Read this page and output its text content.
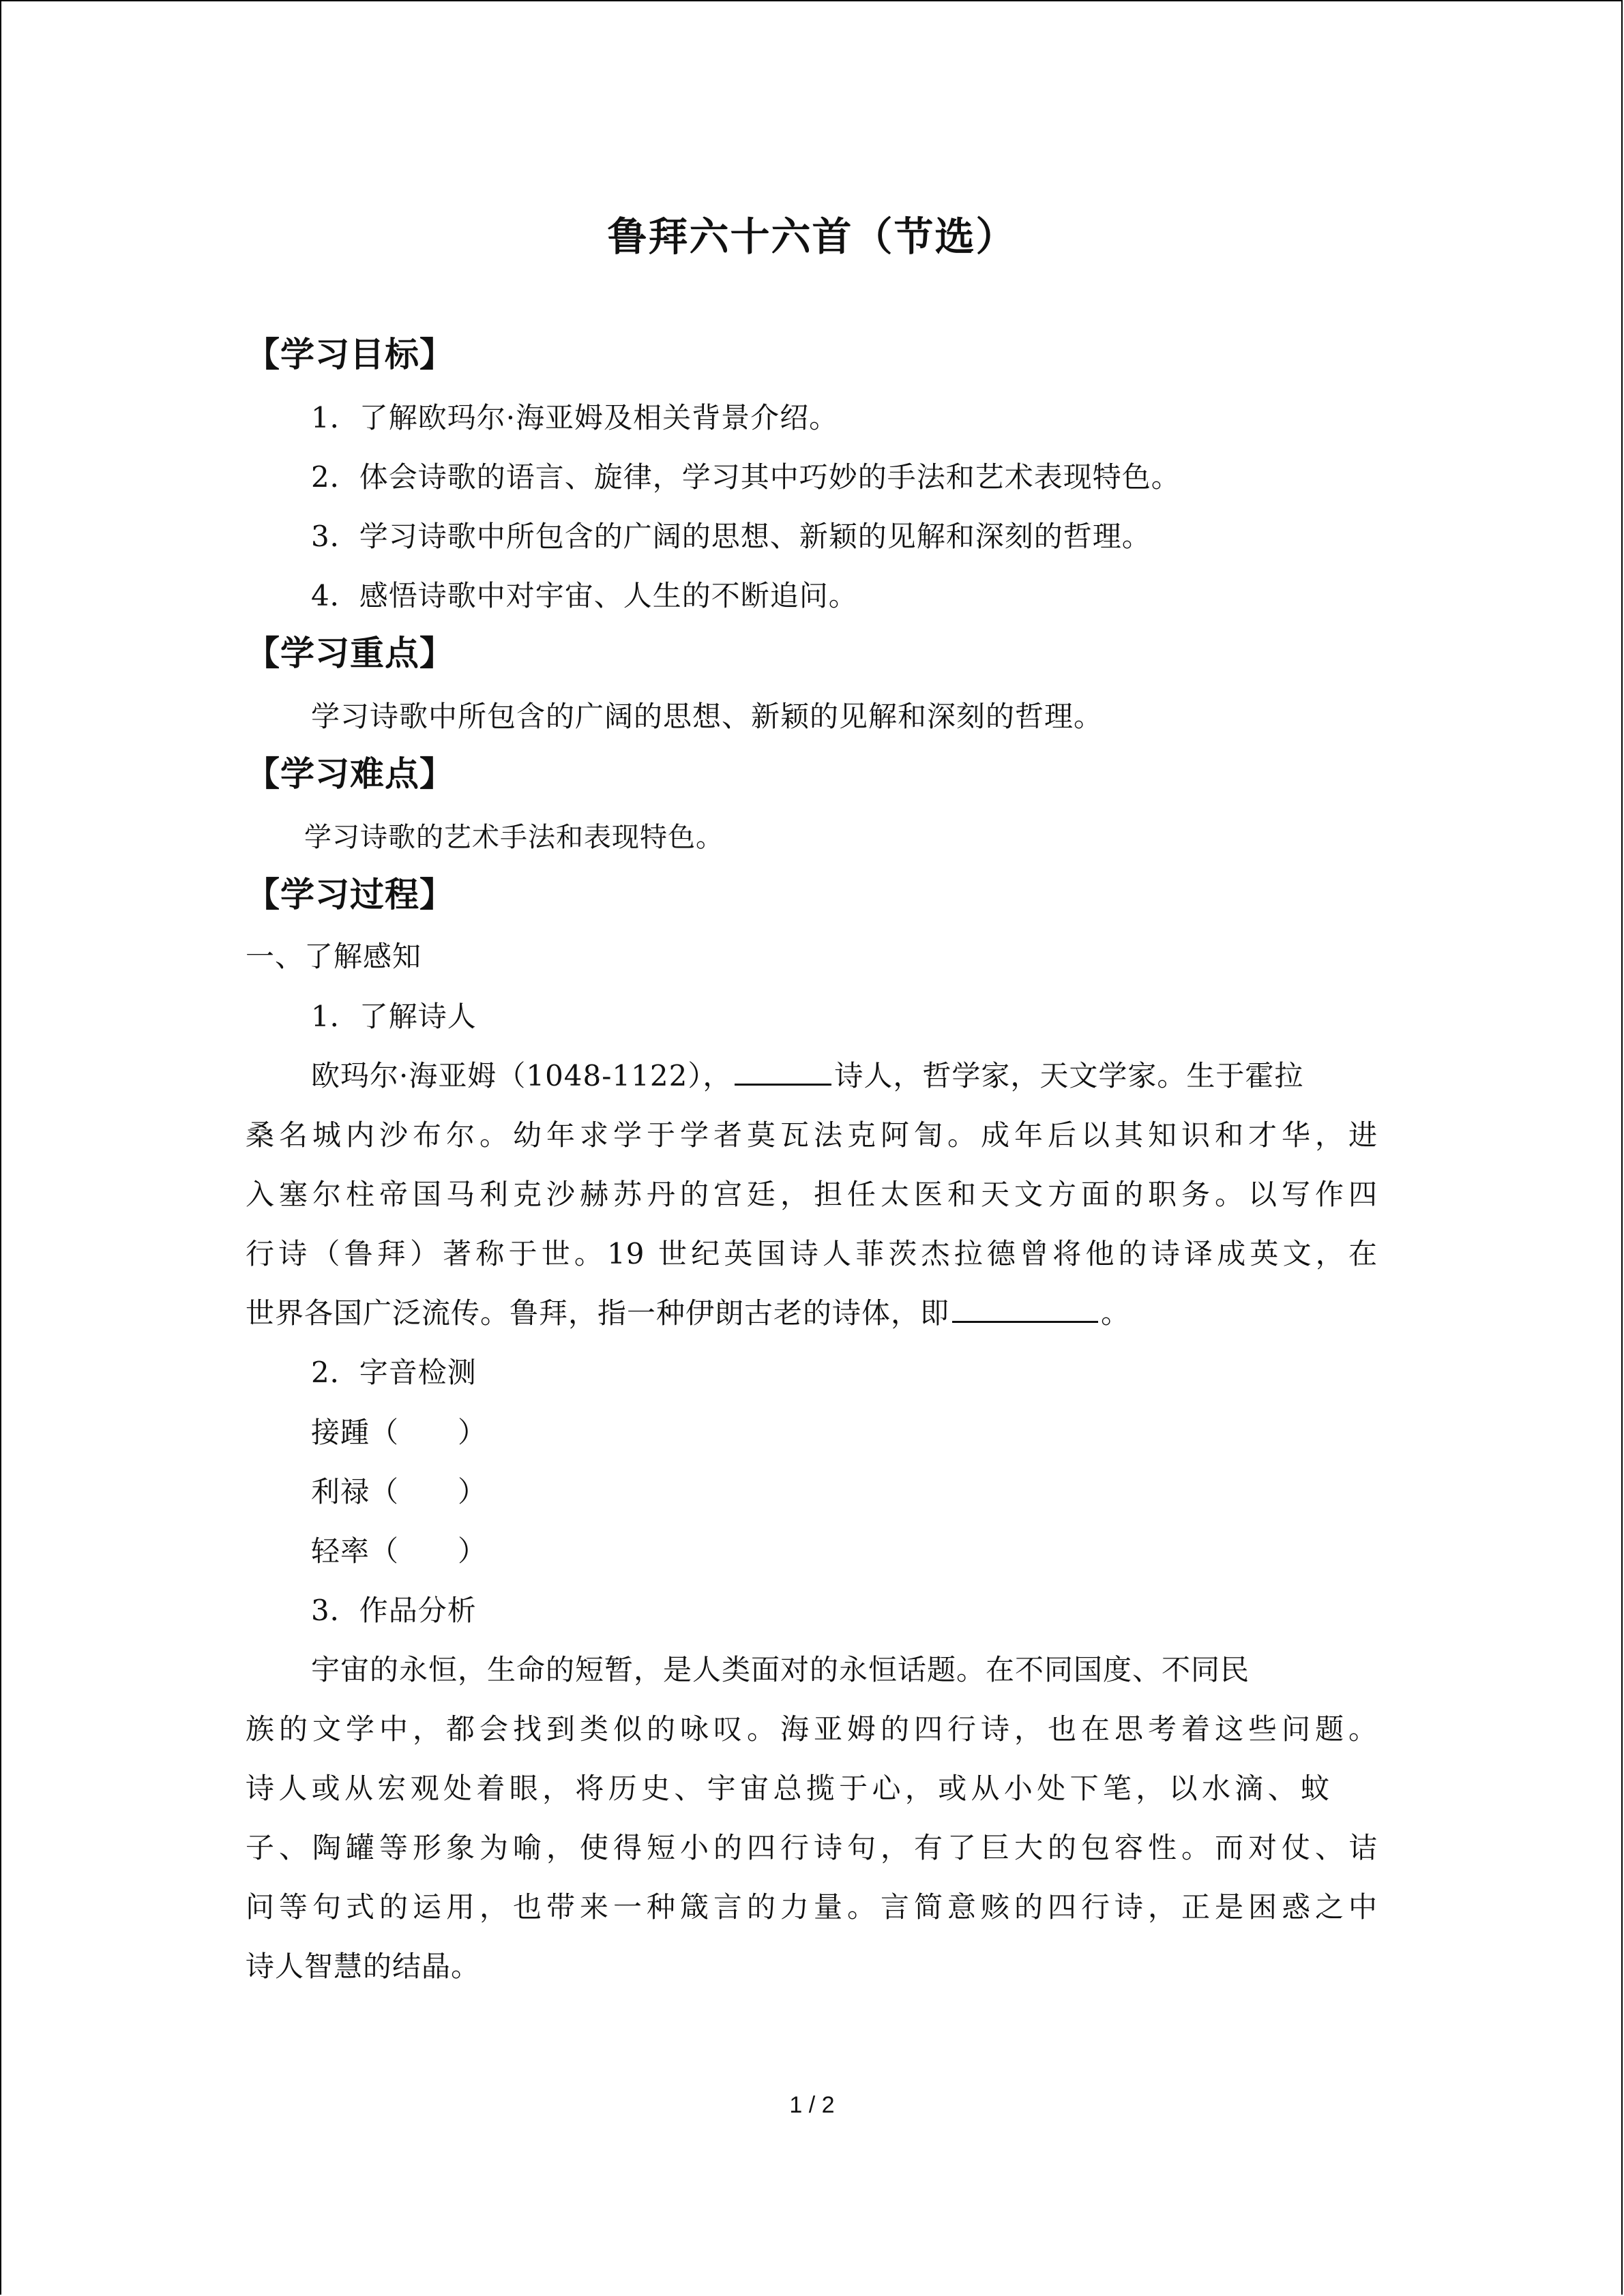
鲁拜六十六首（节选）
【学习目标】
1．了解欧玛尔·海亚姆及相关背景介绍。
2．体会诗歌的语言、旋律，学习其中巧妙的手法和艺术表现特色。
3．学习诗歌中所包含的广阔的思想、新颖的见解和深刻的哲理。
4．感悟诗歌中对宇宙、人生的不断追问。
【学习重点】
学习诗歌中所包含的广阔的思想、新颖的见解和深刻的哲理。
【学习难点】
学习诗歌的艺术手法和表现特色。
【学习过程】
一、了解感知
1．了解诗人
欧玛尔·海亚姆（1048-1122），	诗人，哲学家，天文学家。生于霍拉
桑名城内沙布尔。幼年求学于学者莫瓦法克阿訇。成年后以其知识和才华，进
入塞尔柱帝国马利克沙赫苏丹的宫廷，担任太医和天文方面的职务。以写作四
行诗（鲁拜）著称于世。19 世纪英国诗人菲茨杰拉德曾将他的诗译成英文，在
世界各国广泛流传。鲁拜，指一种伊朗古老的诗体，即	。
2．字音检测
接踵（　　）
利禄（　　）
轻率（　　）
3．作品分析
宇宙的永恒，生命的短暂，是人类面对的永恒话题。在不同国度、不同民
族的文学中，都会找到类似的咏叹。海亚姆的四行诗，也在思考着这些问题。
诗人或从宏观处着眼，将历史、宇宙总揽于心，或从小处下笔，以水滴、蚊
子、陶罐等形象为喻，使得短小的四行诗句，有了巨大的包容性。而对仗、诘
问等句式的运用，也带来一种箴言的力量。言简意赅的四行诗，正是困惑之中
诗人智慧的结晶。
1 / 2
